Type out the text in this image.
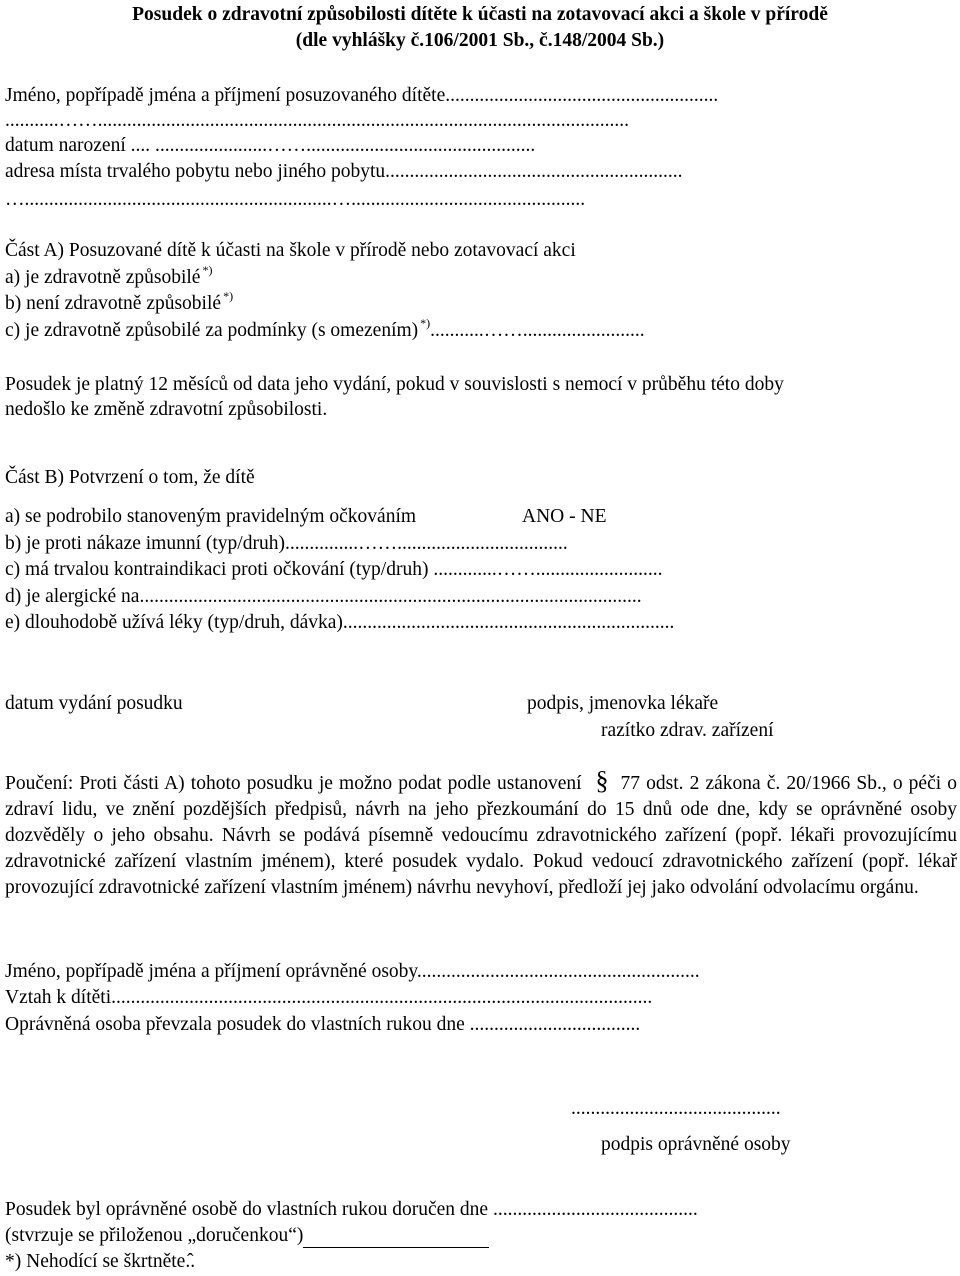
Posudek o zdravotní způsobilosti dítěte k účasti na zotavovací akci a škole v přírodě
(dle vyhlášky č.106/2001 Sb., č.148/2004 Sb.)
Jméno, popřípadě jména a příjmení posuzovaného dítěte........................................................
...........…….............................................................................................................
datum narození .... .......................……...............................................
adresa místa trvalého pobytu nebo jiného pobytu.............................................................
…...............................................................…................................................
Část A) Posuzované dítě k účasti na škole v přírodě nebo zotavovací akci
a) je zdravotně způsobilé *)
b) není zdravotně způsobilé *)
c) je zdravotně způsobilé za podmínky (s omezením) *)...........…….........................
Posudek je platný 12 měsíců od data jeho vydání, pokud v souvislosti s nemocí v průběhu této doby
nedošlo ke změně zdravotní způsobilosti.
Část B) Potvrzení o tom, že dítě
a) se podrobilo stanoveným pravidelným očkováním	ANO - NE
b) je proti nákaze imunní (typ/druh)...............……...................................
c) má trvalou kontraindikaci proti očkování (typ/druh) .............……..........................
d) je alergické na.......................................................................................................
e) dlouhodobě užívá léky (typ/druh, dávka)....................................................................
datum vydání posudku	podpis, jmenovka lékaře
razítko zdrav. zařízení
Poučení: Proti části A) tohoto posudku je možno podat podle ustanovení § 77 odst. 2 zákona č. 20/1966 Sb., o péči o zdraví lidu, ve znění pozdějších předpisů, návrh na jeho přezkoumání do 15 dnů ode dne, kdy se oprávněné osoby dozvěděly o jeho obsahu. Návrh se podává písemně vedoucímu zdravotnického zařízení (popř. lékaři provozujícímu zdravotnické zařízení vlastním jménem), které posudek vydalo. Pokud vedoucí zdravotnického zařízení (popř. lékař provozující zdravotnické zařízení vlastním jménem) návrhu nevyhoví, předloží jej jako odvolání odvolacímu orgánu.
Jméno, popřípadě jména a příjmení oprávněné osoby..........................................................
Vztah k dítěti...............................................................................................................
Oprávněná osoba převzala posudek do vlastních rukou dne ...................................
...........................................
podpis oprávněné osoby
Posudek byl oprávněné osobě do vlastních rukou doručen dne ..........................................
(stvrzuje se přiloženou „doručenkou“)
*) Nehodící se škrtněte.̂.
